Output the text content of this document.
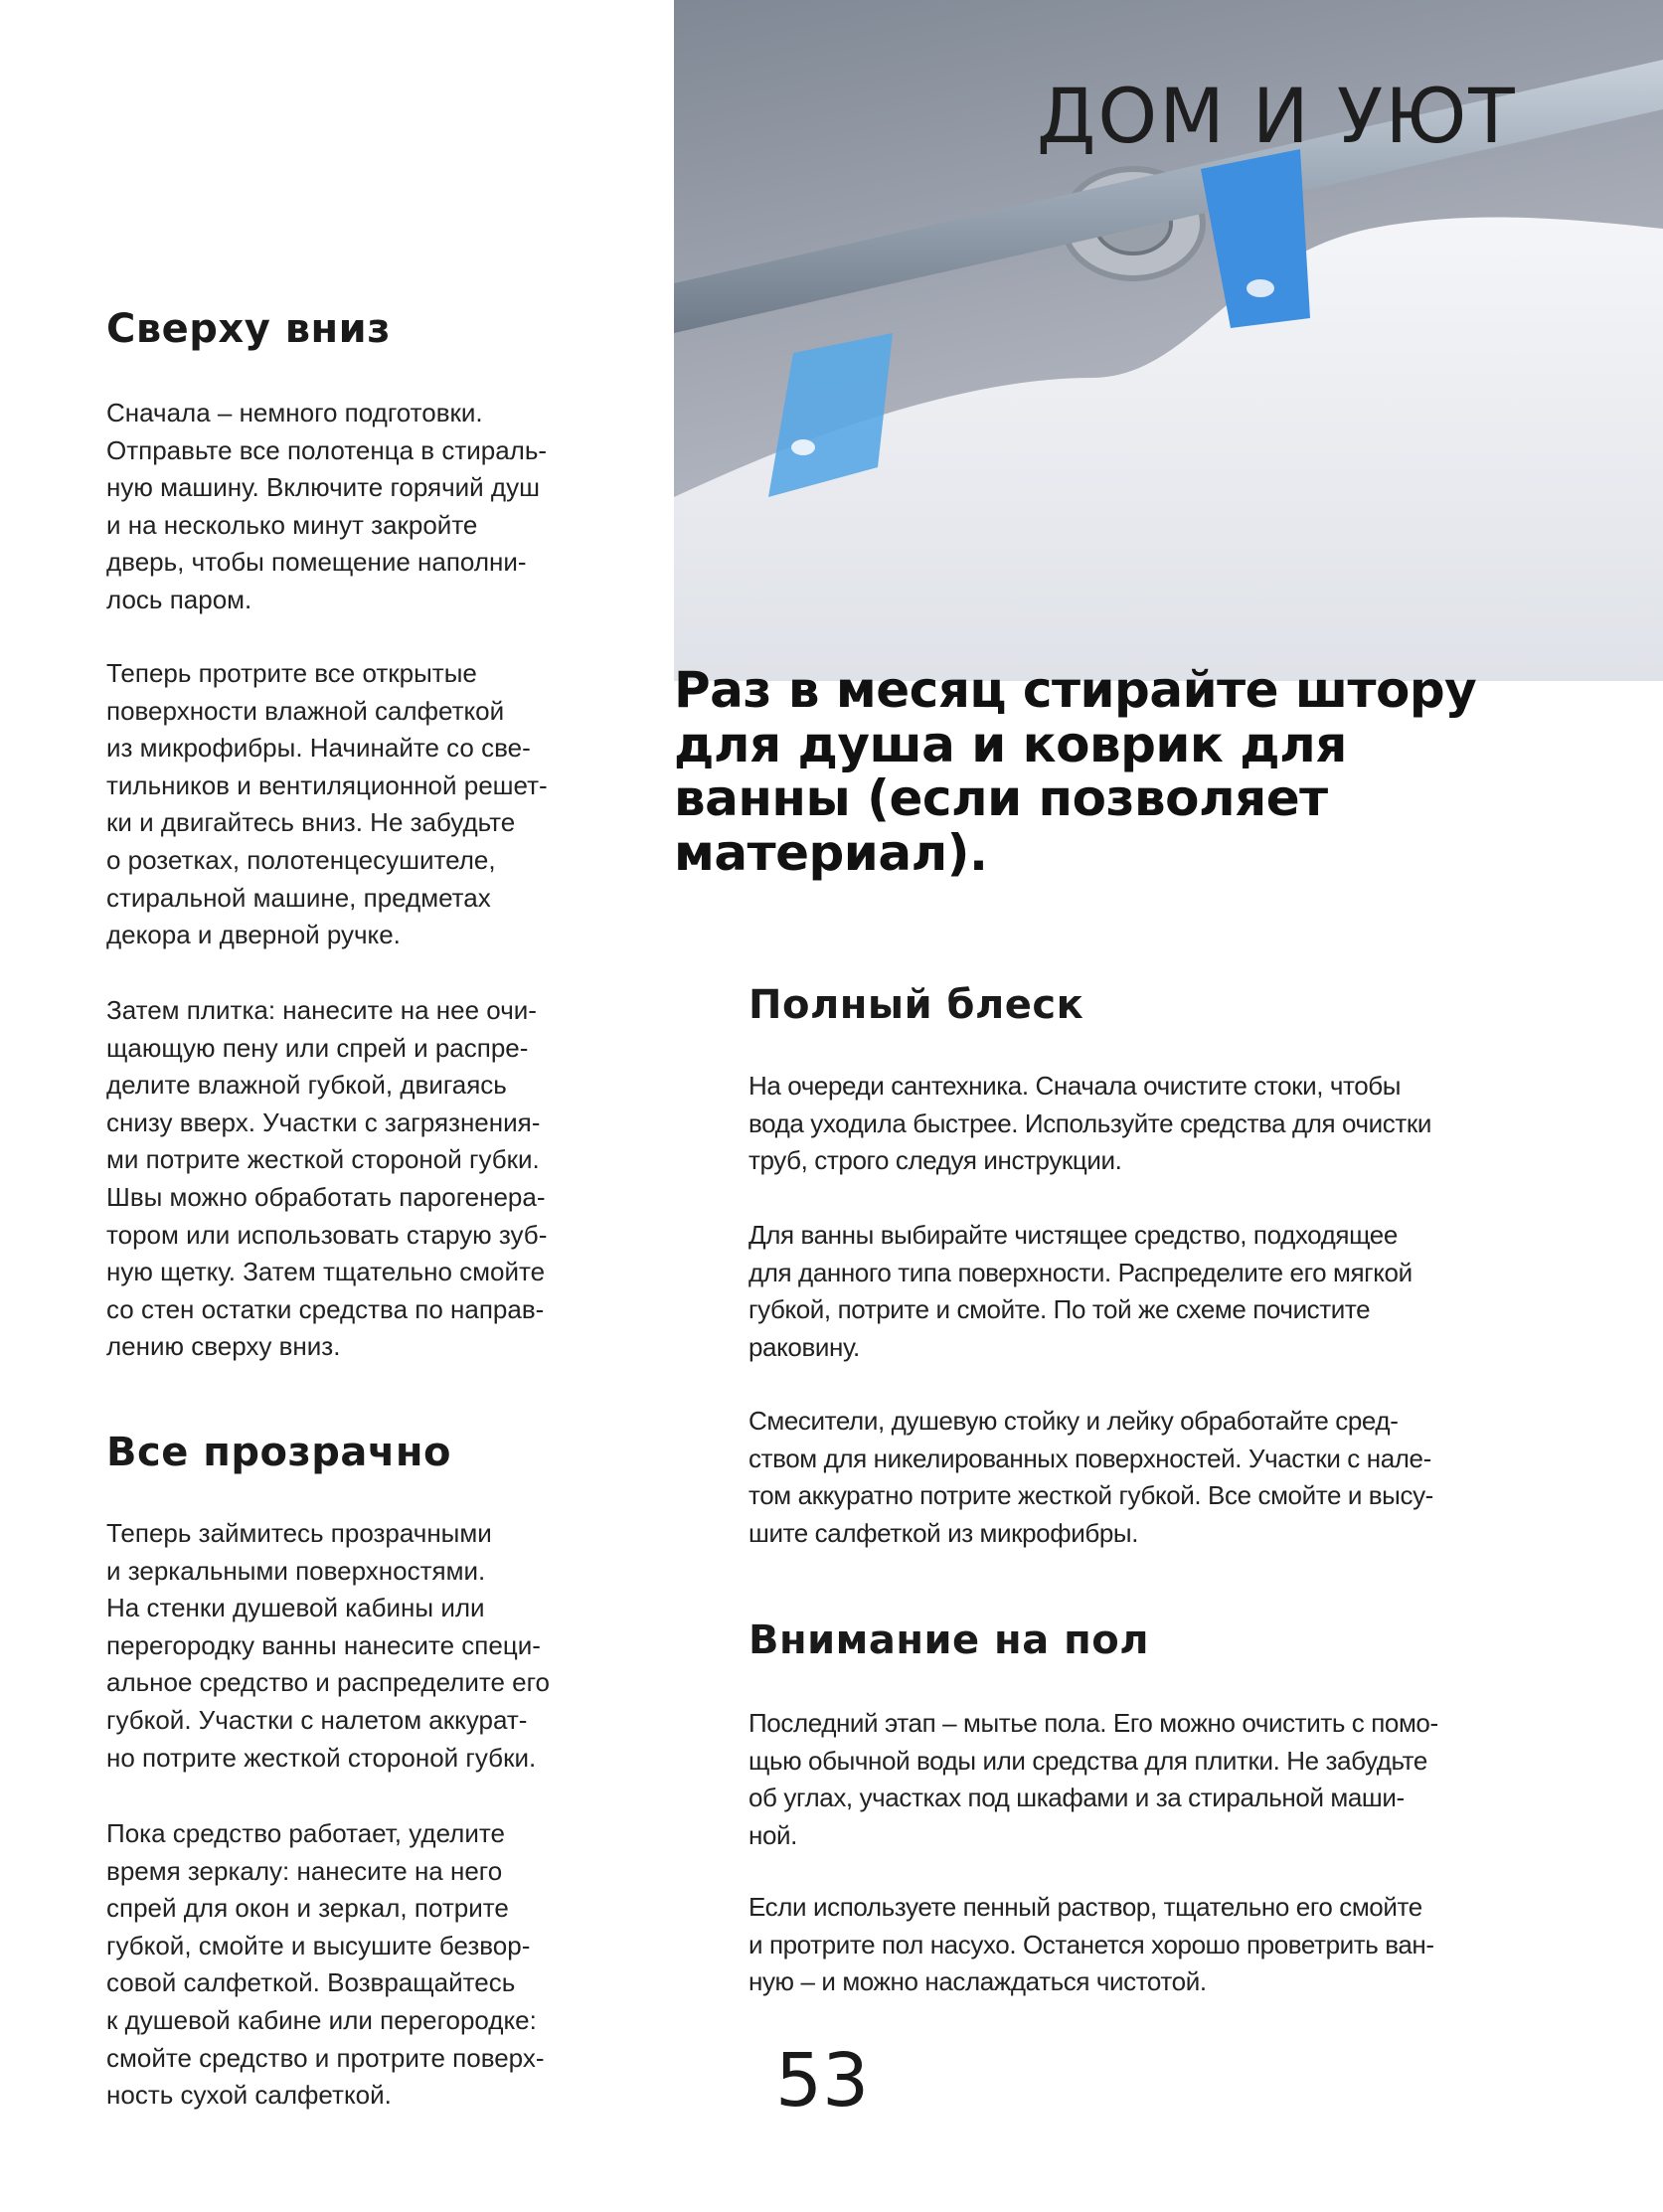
ДОМ И УЮТ
Сверху вниз

Сначала – немного подготовки.
Отправьте все полотенца в стираль-
ную машину. Включите горячий душ
и на несколько минут закройте
дверь, чтобы помещение наполни-
лось паром.

Теперь протрите все открытые
поверхности влажной салфеткой
из микрофибры. Начинайте со све-
тильников и вентиляционной решет-
ки и двигайтесь вниз. Не забудьте
о розетках, полотенцесушителе,
стиральной машине, предметах
декора и дверной ручке.

Затем плитка: нанесите на нее очи-
щающую пену или спрей и распре-
делите влажной губкой, двигаясь
снизу вверх. Участки с загрязнения-
ми потрите жесткой стороной губки.
Швы можно обработать парогенера-
тором или использовать старую зуб-
ную щетку. Затем тщательно смойте
со стен остатки средства по направ-
лению сверху вниз.

Все прозрачно

Теперь займитесь прозрачными
и зеркальными поверхностями.
На стенки душевой кабины или
перегородку ванны нанесите специ-
альное средство и распределите его
губкой. Участки с налетом аккурат-
но потрите жесткой стороной губки.

Пока средство работает, уделите
время зеркалу: нанесите на него
спрей для окон и зеркал, потрите
губкой, смойте и высушите безвор-
совой салфеткой. Возвращайтесь
к душевой кабине или перегородке:
смойте средство и протрите поверх-
ность сухой салфеткой.

Раз в месяц стирайте штору
для душа и коврик для
ванны (если позволяет
материал).

Полный блеск

На очереди сантехника. Сначала очистите стоки, чтобы
вода уходила быстрее. Используйте средства для очистки
труб, строго следуя инструкции.

Для ванны выбирайте чистящее средство, подходящее
для данного типа поверхности. Распределите его мягкой
губкой, потрите и смойте. По той же схеме почистите
раковину.

Смесители, душевую стойку и лейку обработайте сред-
ством для никелированных поверхностей. Участки с нале-
том аккуратно потрите жесткой губкой. Все смойте и высу-
шите салфеткой из микрофибры.

Внимание на пол

Последний этап – мытье пола. Его можно очистить с помо-
щью обычной воды или средства для плитки. Не забудьте
об углах, участках под шкафами и за стиральной маши-
ной.

Если используете пенный раствор, тщательно его смойте
и протрите пол насухо. Останется хорошо проветрить ван-
ную – и можно наслаждаться чистотой.

53
